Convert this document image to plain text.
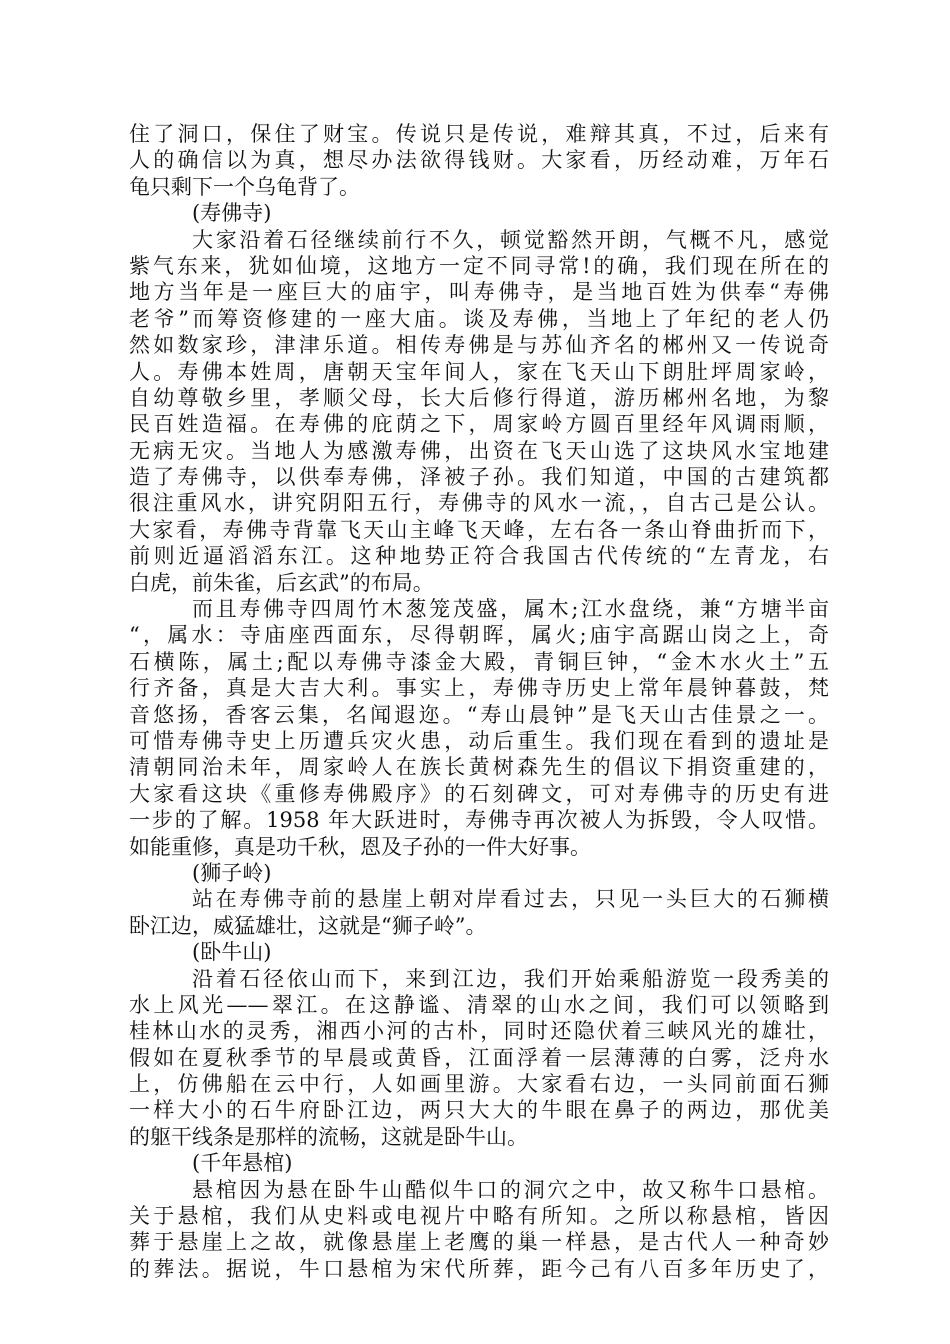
住了洞口，保住了财宝。传说只是传说，难辩其真，不过，后来有
人的确信以为真，想尽办法欲得钱财。大家看，历经动难，万年石
龟只剩下一个乌龟背了。
(寿佛寺)
大家沿着石径继续前行不久，顿觉豁然开朗，气概不凡，感觉
紫气东来，犹如仙境，这地方一定不同寻常!的确，我们现在所在的
地方当年是一座巨大的庙宇，叫寿佛寺，是当地百姓为供奉“寿佛
老爷”而筹资修建的一座大庙。谈及寿佛，当地上了年纪的老人仍
然如数家珍，津津乐道。相传寿佛是与苏仙齐名的郴州又一传说奇
人。寿佛本姓周，唐朝天宝年间人，家在飞天山下朗肚坪周家岭，
自幼尊敬乡里，孝顺父母，长大后修行得道，游历郴州名地，为黎
民百姓造福。在寿佛的庇荫之下，周家岭方圆百里经年风调雨顺，
无病无灾。当地人为感激寿佛，出资在飞天山选了这块风水宝地建
造了寿佛寺，以供奉寿佛，泽被子孙。我们知道，中国的古建筑都
很注重风水，讲究阴阳五行，寿佛寺的风水一流，，自古己是公认。
大家看，寿佛寺背靠飞天山主峰飞天峰，左右各一条山脊曲折而下，
前则近逼滔滔东江。这种地势正符合我国古代传统的“左青龙，右
白虎，前朱雀，后玄武”的布局。
而且寿佛寺四周竹木葱笼茂盛，属木;江水盘绕，兼“方塘半亩
“，属水：寺庙座西面东，尽得朝晖，属火;庙宇高踞山岗之上，奇
石横陈，属土;配以寿佛寺漆金大殿，青铜巨钟，“金木水火土”五
行齐备，真是大吉大利。事实上，寿佛寺历史上常年晨钟暮鼓，梵
音悠扬，香客云集，名闻遐迩。“寿山晨钟”是飞天山古佳景之一。
可惜寿佛寺史上历遭兵灾火患，动后重生。我们现在看到的遗址是
清朝同治未年，周家岭人在族长黄树森先生的倡议下捐资重建的，
大家看这块《重修寿佛殿序》的石刻碑文，可对寿佛寺的历史有进
一步的了解。1958 年大跃进时，寿佛寺再次被人为拆毁，令人叹惜。
如能重修，真是功千秋，恩及子孙的一件大好事。
(狮子岭)
站在寿佛寺前的悬崖上朝对岸看过去，只见一头巨大的石狮横
卧江边，威猛雄壮，这就是“狮子岭”。
(卧牛山)
沿着石径依山而下，来到江边，我们开始乘船游览一段秀美的
水上风光——翠江。在这静谧、清翠的山水之间，我们可以领略到
桂林山水的灵秀，湘西小河的古朴，同时还隐伏着三峡风光的雄壮，
假如在夏秋季节的早晨或黄昏，江面浮着一层薄薄的白雾，泛舟水
上，仿佛船在云中行，人如画里游。大家看右边，一头同前面石狮
一样大小的石牛府卧江边，两只大大的牛眼在鼻子的两边，那优美
的躯干线条是那样的流畅，这就是卧牛山。
(千年悬棺)
悬棺因为悬在卧牛山酷似牛口的洞穴之中，故又称牛口悬棺。
关于悬棺，我们从史料或电视片中略有所知。之所以称悬棺，皆因
葬于悬崖上之故，就像悬崖上老鹰的巢一样悬，是古代人一种奇妙
的葬法。据说，牛口悬棺为宋代所葬，距今己有八百多年历史了，
